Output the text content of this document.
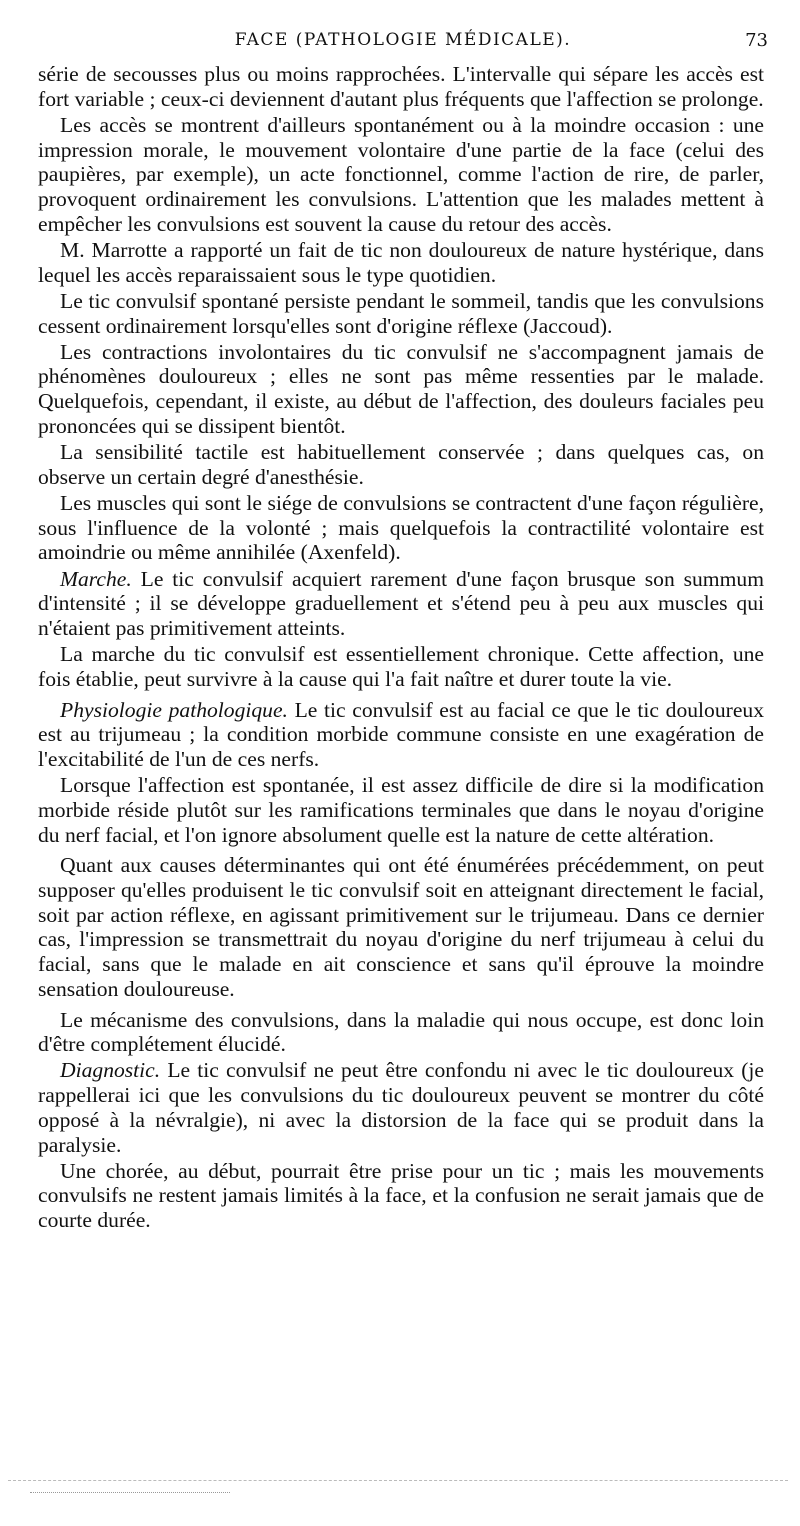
FACE (PATHOLOGIE MÉDICALE).	73

série de secousses plus ou moins rapprochées. L'intervalle qui sépare les accès est fort variable ; ceux-ci deviennent d'autant plus fréquents que l'affection se prolonge.

Les accès se montrent d'ailleurs spontanément ou à la moindre occasion : une impression morale, le mouvement volontaire d'une partie de la face (celui des paupières, par exemple), un acte fonctionnel, comme l'action de rire, de parler, provoquent ordinairement les convulsions. L'attention que les malades mettent à empêcher les convulsions est souvent la cause du retour des accès.

M. Marrotte a rapporté un fait de tic non douloureux de nature hystérique, dans lequel les accès reparaissaient sous le type quotidien.

Le tic convulsif spontané persiste pendant le sommeil, tandis que les convulsions cessent ordinairement lorsqu'elles sont d'origine réflexe (Jaccoud).

Les contractions involontaires du tic convulsif ne s'accompagnent jamais de phénomènes douloureux ; elles ne sont pas même ressenties par le malade. Quelquefois, cependant, il existe, au début de l'affection, des douleurs faciales peu prononcées qui se dissipent bientôt.

La sensibilité tactile est habituellement conservée ; dans quelques cas, on observe un certain degré d'anesthésie.

Les muscles qui sont le siége de convulsions se contractent d'une façon régulière, sous l'influence de la volonté ; mais quelquefois la contractilité volontaire est amoindrie ou même annihilée (Axenfeld).

Marche. Le tic convulsif acquiert rarement d'une façon brusque son summum d'intensité ; il se développe graduellement et s'étend peu à peu aux muscles qui n'étaient pas primitivement atteints.

La marche du tic convulsif est essentiellement chronique. Cette affection, une fois établie, peut survivre à la cause qui l'a fait naître et durer toute la vie.

Physiologie pathologique. Le tic convulsif est au facial ce que le tic douloureux est au trijumeau ; la condition morbide commune consiste en une exagération de l'excitabilité de l'un de ces nerfs.

Lorsque l'affection est spontanée, il est assez difficile de dire si la modification morbide réside plutôt sur les ramifications terminales que dans le noyau d'origine du nerf facial, et l'on ignore absolument quelle est la nature de cette altération.

Quant aux causes déterminantes qui ont été énumérées précédemment, on peut supposer qu'elles produisent le tic convulsif soit en atteignant directement le facial, soit par action réflexe, en agissant primitivement sur le trijumeau. Dans ce dernier cas, l'impression se transmettrait du noyau d'origine du nerf trijumeau à celui du facial, sans que le malade en ait conscience et sans qu'il éprouve la moindre sensation douloureuse.

Le mécanisme des convulsions, dans la maladie qui nous occupe, est donc loin d'être complétement élucidé.

Diagnostic. Le tic convulsif ne peut être confondu ni avec le tic douloureux (je rappellerai ici que les convulsions du tic douloureux peuvent se montrer du côté opposé à la névralgie), ni avec la distorsion de la face qui se produit dans la paralysie.

Une chorée, au début, pourrait être prise pour un tic ; mais les mouvements convulsifs ne restent jamais limités à la face, et la confusion ne serait jamais que de courte durée.
